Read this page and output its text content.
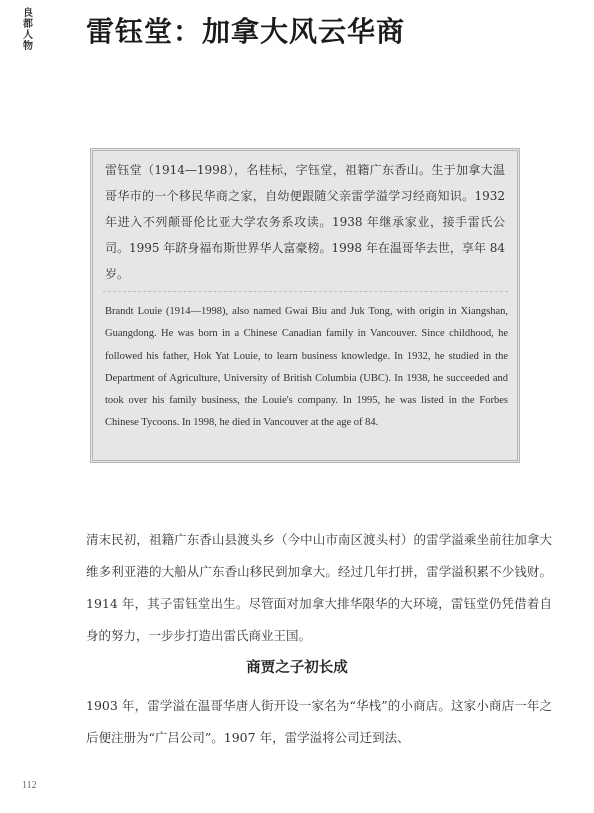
良
都
人
物 雷钰堂：加拿大风云华商

雷钰堂（1914—1998），名桂标，字钰堂，祖籍广东香山。生于加拿大温哥华市的一个移民华商之家，自幼便跟随父亲雷学溢学习经商知识。1932 年进入不列颠哥伦比亚大学农务系攻读。1938 年继承家业，接手雷氏公司。1995 年跻身福布斯世界华人富豪榜。1998 年在温哥华去世，享年 84 岁。

Brandt Louie (1914—1998), also named Gwai Biu and Juk Tong, with origin in Xiangshan, Guangdong. He was born in a Chinese Canadian family in Vancouver. Since childhood, he followed his father, Hok Yat Louie, to learn business knowledge. In 1932, he studied in the Department of Agriculture, University of British Columbia (UBC). In 1938, he succeeded and took over his family business, the Louie's company. In 1995, he was listed in the Forbes Chinese Tycoons. In 1998, he died in Vancouver at the age of 84.

清末民初，祖籍广东香山县渡头乡（今中山市南区渡头村）的雷学溢乘坐前往加拿大维多利亚港的大船从广东香山移民到加拿大。经过几年打拼，雷学溢积累不少钱财。1914 年，其子雷钰堂出生。尽管面对加拿大排华限华的大环境，雷钰堂仍凭借着自身的努力，一步步打造出雷氏商业王国。

商贾之子初长成

1903 年，雷学溢在温哥华唐人街开设一家名为“华栈”的小商店。这家小商店一年之后便注册为“广吕公司”。1907 年，雷学溢将公司迁到法、

112
